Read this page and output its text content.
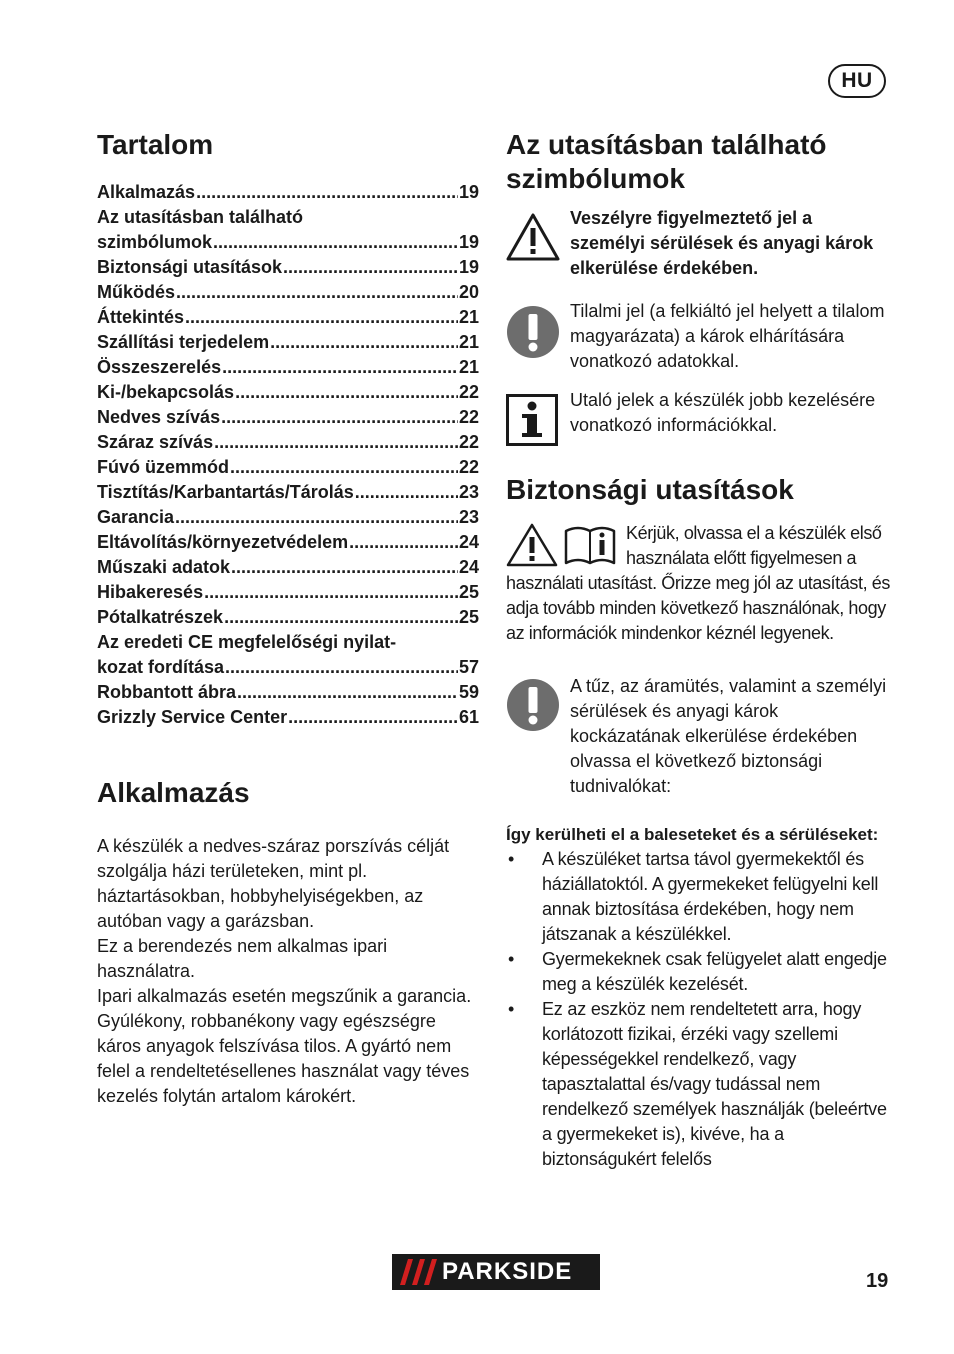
HU
Tartalom
Alkalmazás .....	19
Az utasításban található
szimbólumok .....	19
Biztonsági utasítások .....	19
Működés .....	20
Áttekintés .....	21
Szállítási terjedelem .....	21
Összeszerelés .....	21
Ki-/bekapcsolás .....	22
Nedves szívás .....	22
Száraz szívás .....	22
Fúvó üzemmód .....	22
Tisztítás/Karbantartás/Tárolás .....	23
Garancia .....	23
Eltávolítás/környezetvédelem .....	24
Műszaki adatok .....	24
Hibakeresés .....	25
Pótalkatrészek .....	25
Az eredeti CE megfelelőségi nyilat-
kozat fordítása .....	57
Robbantott ábra .....	59
Grizzly Service Center .....	61
Alkalmazás

A készülék a nedves-száraz porszívás célját szolgálja házi területeken, mint pl. háztartásokban, hobbyhelyiségekben, az autóban vagy a garázsban.

Ez a berendezés nem alkalmas ipari használatra.

Ipari alkalmazás esetén megszűnik a garancia.

Gyúlékony, robbanékony vagy egészségre káros anyagok felszívása tilos. A gyártó nem felel a rendeltetésellenes használat vagy téves kezelés folytán artalom károkért.

Az utasításban található szimbólumok

Veszélyre figyelmeztető jel a személyi sérülések és anyagi károk elkerülése érdekében.

Tilalmi jel (a felkiáltó jel helyett a tilalom magyarázata) a károk elhárítására vonatkozó adatokkal.

Utaló jelek a készülék jobb kezelésére vonatkozó információkkal.

Biztonsági utasítások

Kérjük, olvassa el a készülék első használata előtt figyelmesen a használati utasítást. Őrizze meg jól az utasítást, és adja tovább minden következő használónak, hogy az információk mindenkor kéznél legyenek.

A tűz, az áramütés, valamint a személyi sérülések és anyagi károk kockázatának elkerülése érdekében olvassa el következő biztonsági tudnivalókat:

Így kerülheti el a baleseteket és a sérüléseket:

• A készüléket tartsa távol gyermekektől és háziállatoktól. A gyermekeket felügyelni kell annak biztosítása érdekében, hogy nem játszanak a készülékkel.
• Gyermekeknek csak felügyelet alatt engedje meg a készülék kezelését.
• Ez az eszköz nem rendeltetett arra, hogy korlátozott fizikai, érzéki vagy szellemi képességekkel rendelkező, vagy tapasztalattal és/vagy tudással nem rendelkező személyek használják (beleértve a gyermekeket is), kivéve, ha a biztonságukért felelős
PARKSIDE	19
